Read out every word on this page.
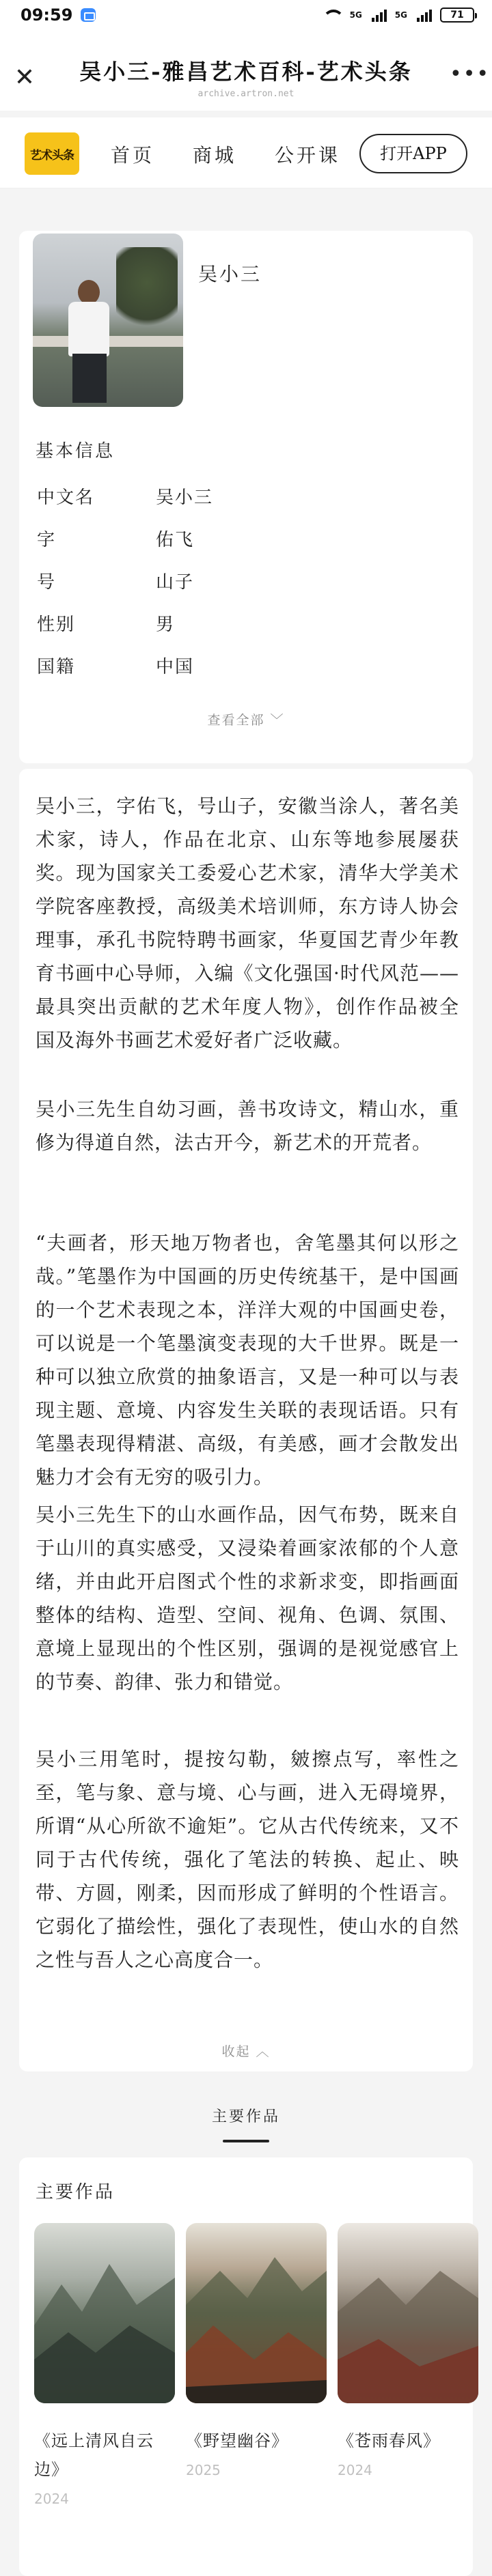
09:59	5G	5G	71
✕	吴小三-雅昌艺术百科-艺术头条
archive.artron.net
•••
艺术头条 首页 商城 公开课	打开APP
吴小三
基本信息
中文名	吴小三
字	佑飞
号	山子
性别	男
国籍	中国
查看全部 ﹀

吴小三，字佑飞，号山子，安徽当涂人，著名美术家，诗人，作品在北京、山东等地参展屡获奖。现为国家关工委爱心艺术家，清华大学美术学院客座教授，高级美术培训师，东方诗人协会理事，承孔书院特聘书画家，华夏国艺青少年教育书画中心导师，入编《文化强国·时代风范——最具突出贡献的艺术年度人物》，创作作品被全国及海外书画艺术爱好者广泛收藏。

吴小三先生自幼习画，善书攻诗文，精山水，重修为得道自然，法古开今，新艺术的开荒者。

“夫画者，形天地万物者也，舍笔墨其何以形之哉。”笔墨作为中国画的历史传统基干，是中国画的一个艺术表现之本，洋洋大观的中国画史卷，可以说是一个笔墨演变表现的大千世界。既是一种可以独立欣赏的抽象语言，又是一种可以与表现主题、意境、内容发生关联的表现话语。只有笔墨表现得精湛、高级，有美感，画才会散发出魅力才会有无穷的吸引力。

吴小三先生下的山水画作品，因气布势，既来自于山川的真实感受，又浸染着画家浓郁的个人意绪，并由此开启图式个性的求新求变，即指画面整体的结构、造型、空间、视角、色调、氛围、意境上显现出的个性区别，强调的是视觉感官上的节奏、韵律、张力和错觉。

吴小三用笔时，提按勾勒，皴擦点写，率性之至，笔与象、意与境、心与画，进入无碍境界，所谓“从心所欲不逾矩”。它从古代传统来，又不同于古代传统，强化了笔法的转换、起止、映带、方圆，刚柔，因而形成了鲜明的个性语言。它弱化了描绘性，强化了表现性，使山水的自然之性与吾人之心高度合一。

收起 ︿
主要作品
主要作品
《远上清风自云边》
2024
《野望幽谷》
2025
《苍雨春风》
2024
